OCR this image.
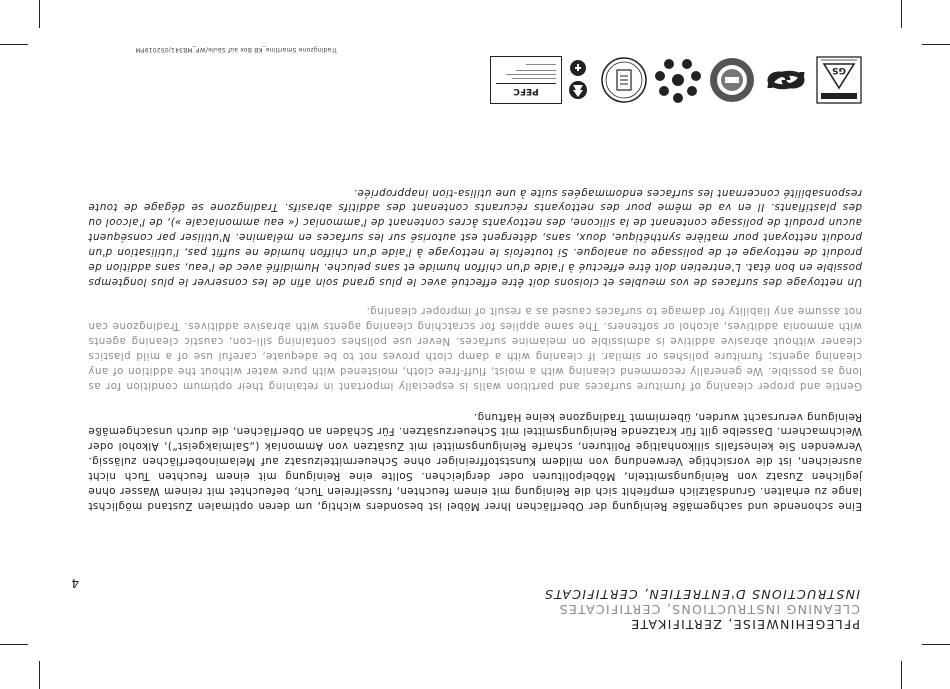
4
PFLEGEHINWEISE, ZERTIFIKATE
CLEANING INSTRUCTIONS, CERTIFICATES
INSTRUCTIONS D'ENTRETIEN, CERTIFICATS

Eine schonende und sachgemäße Reinigung der Oberflächen Ihrer Möbel ist besonders wichtig, um deren optimalen Zustand möglichst lange zu erhalten. Grundsätzlich empfiehlt sich die Reinigung mit einem feuchten, fusselfreien Tuch, befeuchtet mit reinem Wasser ohne jeglichen Zusatz von Reinigungsmitteln, Möbelpolituren oder dergleichen. Sollte eine Reinigung mit einem feuchten Tuch nicht ausreichen, ist die vorsichtige Verwendung von mildem Kunststoffreiniger ohne Scheuermittelzusatz auf Melaminoberflächen zulässig. Verwenden Sie keinesfalls silikonhaltige Polituren, scharfe Reinigungsmittel mit Zusätzen von Ammoniak („Salmiakgeist“), Alkohol oder Weichmachern. Dasselbe gilt für kratzende Reinigungsmittel mit Scheuerzusätzen. Für Schäden an Oberflächen, die durch unsachgemäße Reinigung verursacht wurden, übernimmt Tradingzone keine Haftung.

Gentle and proper cleaning of furniture surfaces and partition walls is especially important in retaining their optimum condition for as long as possible. We generally recommend cleaning with a moist, fluff-free cloth, moistened with pure water without the addition of any cleaning agents; furniture polishes or similar. If cleaning with a damp cloth proves not to be adequate, careful use of a mild plastics cleaner without abrasive additive is admissible on melamine surfaces. Never use polishes containing sili-con, caustic cleaning agents with ammonia additives, alcohol or softeners. The same applies for scratching cleaning agents with abrasive additives. Tradingzone can not assume any liability for damage to surfaces caused as a result of improper cleaning.

Un nettoyage des surfaces de vos meubles et cloisons doit être effectué avec le plus grand soin afin de les conserver le plus longtemps possible en bon état. L'entretien doit être effectué à l'aide d'un chiffon humide et sans peluche. Humidifié avec de l'eau, sans addition de produit de nettoyage et de polissage ou analogue. Si toutefois le nettoyage à l'aide d'un chiffon humide ne suffit pas, l'utilisation d'un produit nettoyant pour matière synthétique, doux, sans, détergent est autorisé sur les surfaces en mélamine. N'utiliser par conséquent aucun produit de polissage contenant de la silicone, des nettoyants âcres contenant de l'ammoniac (« eau ammoniacale »), de l'alcool ou des plastifiants. Il en va de même pour des nettoyants récurants contenant des additifs abrasifs. Tradingzone se dégage de toute responsabilité concernant les surfaces endommagées suite à une utilisa-tion inappropriée.

GS
PEFC
Tradingzone Smartline_KB Box auf Säule/WP_MB341/052019PM
